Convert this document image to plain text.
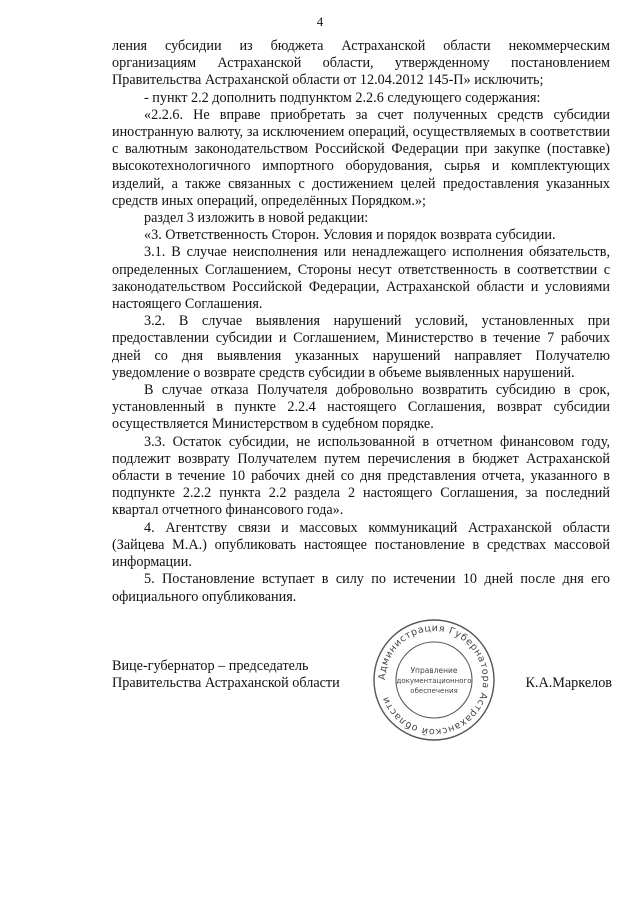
4

ления субсидии из бюджета Астраханской области некоммерческим организациям Астраханской области, утвержденному постановлением Правительства Астраханской области от 12.04.2012 145-П» исключить;

- пункт 2.2 дополнить подпунктом 2.2.6 следующего содержания:

«2.2.6. Не вправе приобретать за счет полученных средств субсидии иностранную валюту, за исключением операций, осуществляемых в соответствии с валютным законодательством Российской Федерации при закупке (поставке) высокотехнологичного импортного оборудования, сырья и комплектующих изделий, а также связанных с достижением целей предоставления указанных средств иных операций, определённых Порядком.»;

раздел 3 изложить в новой редакции:

«3. Ответственность Сторон. Условия и порядок возврата субсидии.

3.1. В случае неисполнения или ненадлежащего исполнения обязательств, определенных Соглашением, Стороны несут ответственность в соответствии с законодательством Российской Федерации, Астраханской области и условиями настоящего Соглашения.

3.2. В случае выявления нарушений условий, установленных при предоставлении субсидии и Соглашением, Министерство в течение 7 рабочих дней со дня выявления указанных нарушений направляет Получателю уведомление о возврате средств субсидии в объеме выявленных нарушений.

В случае отказа Получателя добровольно возвратить субсидию в срок, установленный в пункте 2.2.4 настоящего Соглашения, возврат субсидии осуществляется Министерством в судебном порядке.

3.3. Остаток субсидии, не использованной в отчетном финансовом году, подлежит возврату Получателем путем перечисления в бюджет Астраханской области в течение 10 рабочих дней со дня представления отчета, указанного в подпункте 2.2.2 пункта 2.2 раздела 2 настоящего Соглашения, за последний квартал отчетного финансового года».

4. Агентству связи и массовых коммуникаций Астраханской области (Зайцева М.А.) опубликовать настоящее постановление в средствах массовой информации.

5. Постановление вступает в силу по истечении 10 дней после дня его официального опубликования.

Вице-губернатор – председатель
Правительства Астраханской области	Администрация Губернатора Астраханской области
Управление
документационного
обеспечения	К.А.Маркелов
